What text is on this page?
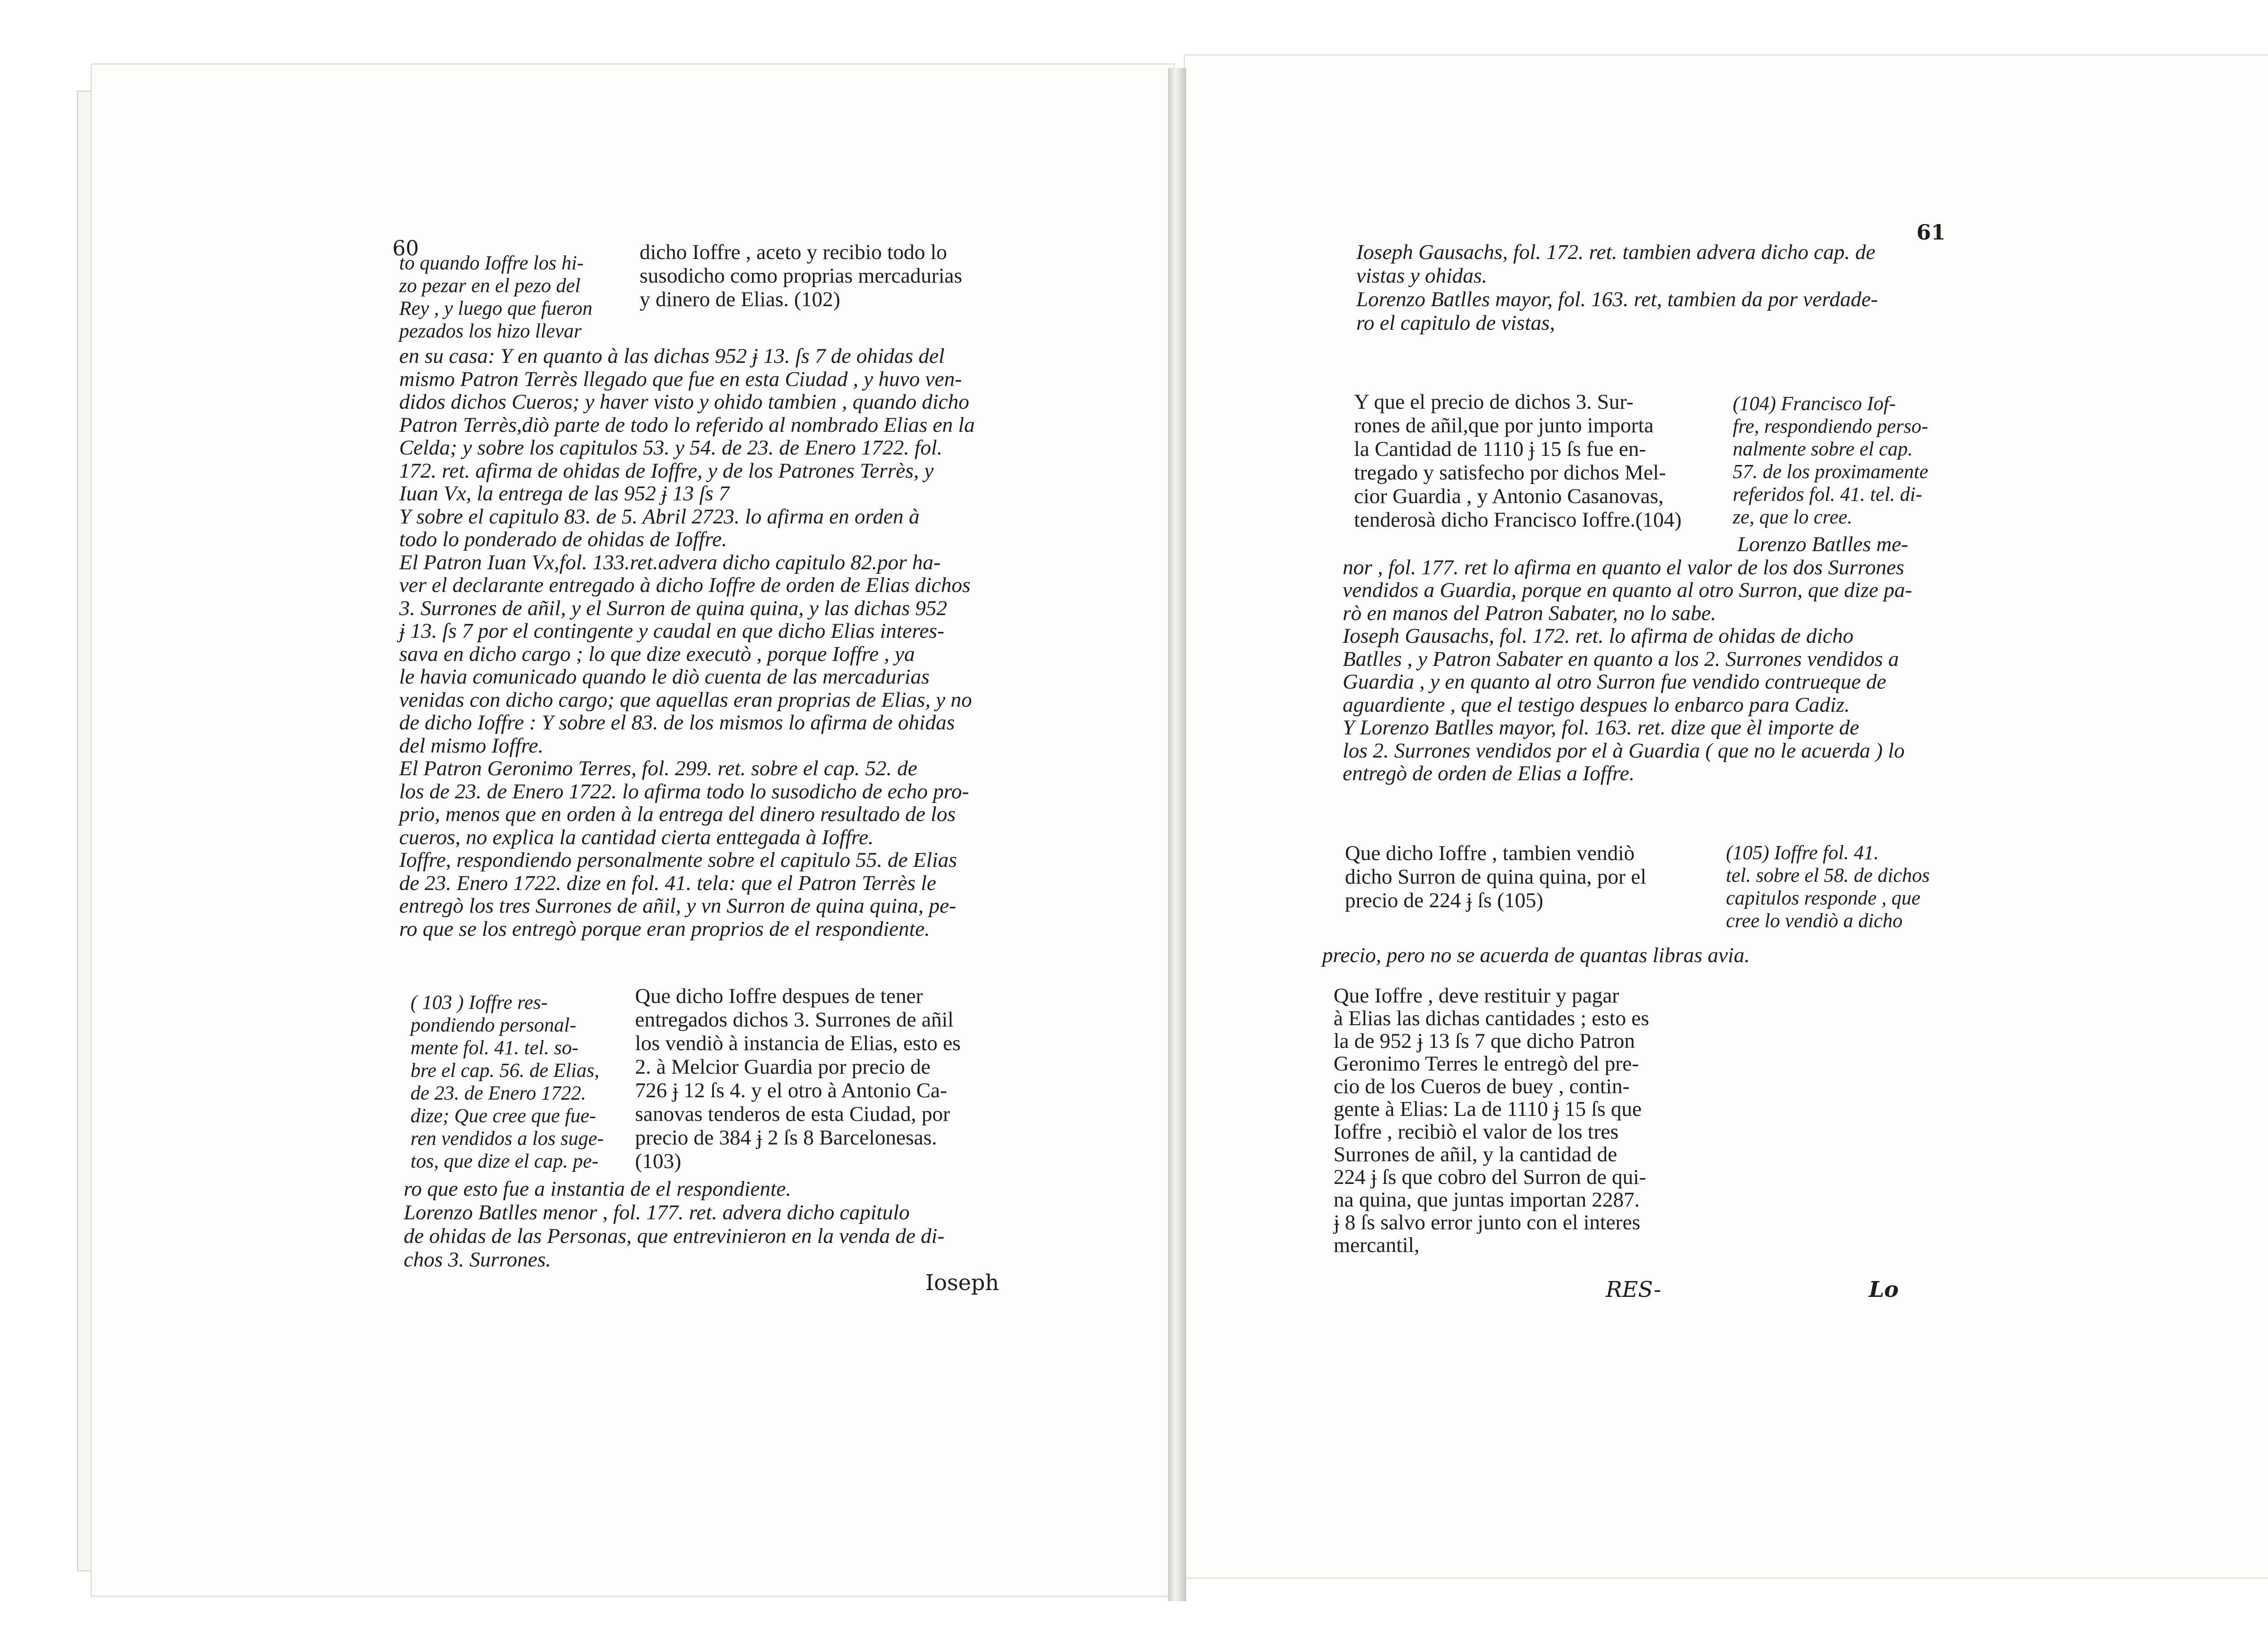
60
to quando Ioffre los hi-
zo pezar en el pezo del
Rey , y luego que fueron
pezados los hizo llevar
dicho Ioffre , aceto y recibio todo lo
susodicho como proprias mercadurias
y dinero de Elias. (102)
en su casa: Y en quanto à las dichas 952 ɉ 13. ſs 7 de ohidas del
mismo Patron Terrès llegado que fue en esta Ciudad , y huvo ven-
didos dichos Cueros; y haver visto y ohido tambien , quando dicho
Patron Terrès,diò parte de todo lo referido al nombrado Elias en la
Celda; y sobre los capitulos 53. y 54. de 23. de Enero 1722. fol.
172. ret. afirma de ohidas de Ioffre, y de los Patrones Terrès, y
Iuan Vx, la entrega de las 952 ɉ 13 ſs 7
Y sobre el capitulo 83. de 5. Abril 2723. lo afirma en orden à
todo lo ponderado de ohidas de Ioffre.
El Patron Iuan Vx,fol. 133.ret.advera dicho capitulo 82.por ha-
ver el declarante entregado à dicho Ioffre de orden de Elias dichos
3. Surrones de añil, y el Surron de quina quina, y las dichas 952
ɉ 13. ſs 7 por el contingente y caudal en que dicho Elias interes-
sava en dicho cargo ; lo que dize executò , porque Ioffre , ya
le havia comunicado quando le diò cuenta de las mercadurias
venidas con dicho cargo; que aquellas eran proprias de Elias, y no
de dicho Ioffre : Y sobre el 83. de los mismos lo afirma de ohidas
del mismo Ioffre.
El Patron Geronimo Terres, fol. 299. ret. sobre el cap. 52. de
los de 23. de Enero 1722. lo afirma todo lo susodicho de echo pro-
prio, menos que en orden à la entrega del dinero resultado de los
cueros, no explica la cantidad cierta enttegada à Ioffre.
Ioffre, respondiendo personalmente sobre el capitulo 55. de Elias
de 23. Enero 1722. dize en fol. 41. tela: que el Patron Terrès le
entregò los tres Surrones de añil, y vn Surron de quina quina, pe-
ro que se los entregò porque eran proprios de el respondiente.
( 103 ) Ioffre res-
pondiendo personal-
mente fol. 41. tel. so-
bre el cap. 56. de Elias,
de 23. de Enero 1722.
dize; Que cree que fue-
ren vendidos a los suge-
tos, que dize el cap. pe-
Que dicho Ioffre despues de tener
entregados dichos 3. Surrones de añil
los vendiò à instancia de Elias, esto es
2. à Melcior Guardia por precio de
726 ɉ 12 ſs 4. y el otro à Antonio Ca-
sanovas tenderos de esta Ciudad, por
precio de 384 ɉ 2 ſs 8 Barcelonesas.
(103)
ro que esto fue a instantia de el respondiente.
Lorenzo Batlles menor , fol. 177. ret. advera dicho capitulo
de ohidas de las Personas, que entrevinieron en la venda de di-
chos 3. Surrones.
Ioseph
61
Ioseph Gausachs, fol. 172. ret. tambien advera dicho cap. de
vistas y ohidas.
Lorenzo Batlles mayor, fol. 163. ret, tambien da por verdade-
ro el capitulo de vistas,
Y que el precio de dichos 3. Sur-
rones de añil,que por junto importa
la Cantidad de 1110 ɉ 15 ſs fue en-
tregado y satisfecho por dichos Mel-
cior Guardia , y Antonio Casanovas,
tenderosà dicho Francisco Ioffre.(104)
(104) Francisco Iof-
fre, respondiendo perso-
nalmente sobre el cap.
57. de los proximamente
referidos fol. 41. tel. di-
ze, que lo cree.
Lorenzo Batlles me-
nor , fol. 177. ret lo afirma en quanto el valor de los dos Surrones
vendidos a Guardia, porque en quanto al otro Surron, que dize pa-
rò en manos del Patron Sabater, no lo sabe.
Ioseph Gausachs, fol. 172. ret. lo afirma de ohidas de dicho
Batlles , y Patron Sabater en quanto a los 2. Surrones vendidos a
Guardia , y en quanto al otro Surron fue vendido contrueque de
aguardiente , que el testigo despues lo enbarco para Cadiz.
Y Lorenzo Batlles mayor, fol. 163. ret. dize que èl importe de
los 2. Surrones vendidos por el à Guardia ( que no le acuerda ) lo
entregò de orden de Elias a Ioffre.
Que dicho Ioffre , tambien vendiò
dicho Surron de quina quina, por el
precio de 224 ɉ ſs (105)
(105) Ioffre fol. 41.
tel. sobre el 58. de dichos
capitulos responde , que
cree lo vendiò a dicho
precio, pero no se acuerda de quantas libras avia.
Que Ioffre , deve restituir y pagar
à Elias las dichas cantidades ; esto es
la de 952 ɉ 13 ſs 7 que dicho Patron
Geronimo Terres le entregò del pre-
cio de los Cueros de buey , contin-
gente à Elias: La de 1110 ɉ 15 ſs que
Ioffre , recibiò el valor de los tres
Surrones de añil, y la cantidad de
224 ɉ ſs que cobro del Surron de qui-
na quina, que juntas importan 2287.
ɉ 8 ſs salvo error junto con el interes
mercantil,
RES-	Lo
